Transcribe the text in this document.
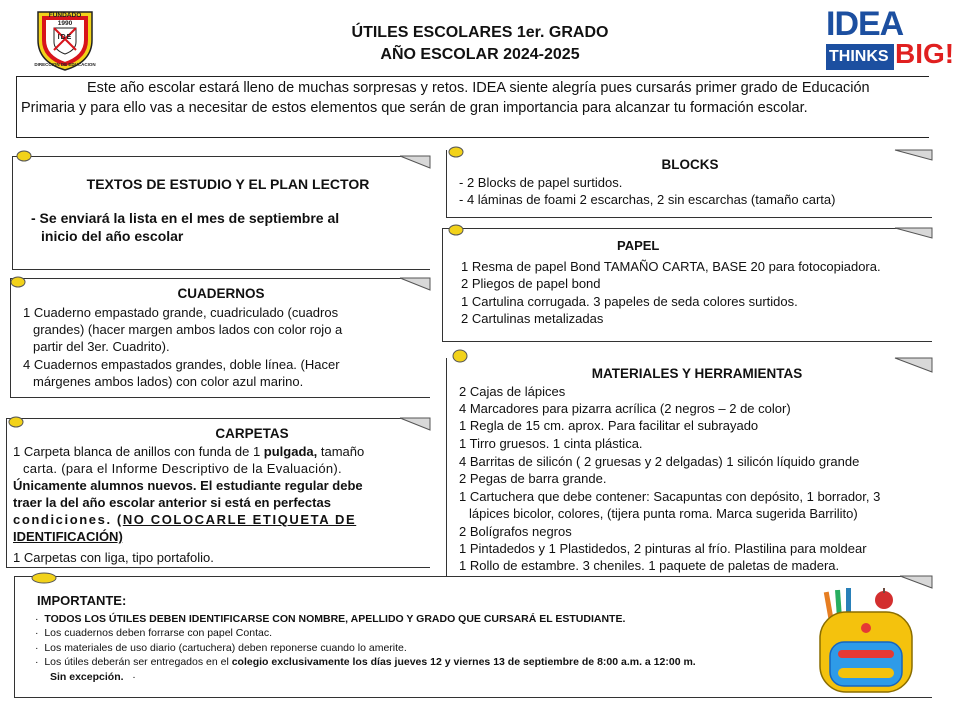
FUNDADO
1990
IDE
DIRECCION DE EDUCACION
ÚTILES ESCOLARES 1er. GRADO
AÑO ESCOLAR 2024-2025
IDEA
THINKS BIG!
Este año escolar estará lleno de muchas sorpresas y retos. IDEA siente alegría pues cursarás primer grado de Educación Primaria y para ello vas a necesitar de estos elementos que serán de gran importancia para alcanzar tu formación escolar.
TEXTOS DE ESTUDIO Y EL PLAN LECTOR
- Se enviará la lista en el mes de septiembre al
inicio del año escolar
CUADERNOS
1 Cuaderno empastado grande, cuadriculado (cuadros
grandes) (hacer margen ambos lados con color rojo a
partir del 3er. Cuadrito).
4 Cuadernos empastados grandes, doble línea. (Hacer
márgenes ambos lados) con color azul marino.
CARPETAS
1 Carpeta blanca de anillos con funda de 1 pulgada, tamaño
carta. (para el Informe Descriptivo de la Evaluación).
Únicamente alumnos nuevos. El estudiante regular debe
traer la del año escolar anterior si está en perfectas
condiciones. (NO COLOCARLE ETIQUETA DE
IDENTIFICACIÓN)
1 Carpetas con liga, tipo portafolio.
BLOCKS
- 2 Blocks de papel surtidos.
- 4 láminas de foami 2 escarchas, 2 sin escarchas (tamaño carta)
PAPEL
1 Resma de papel Bond TAMAÑO CARTA, BASE 20 para fotocopiadora.
2 Pliegos de papel bond
1 Cartulina corrugada. 3 papeles de seda colores surtidos.
2 Cartulinas metalizadas
MATERIALES Y HERRAMIENTAS
2 Cajas de lápices
4 Marcadores para pizarra acrílica (2 negros – 2 de color)
1 Regla de 15 cm. aprox. Para facilitar el subrayado
1 Tirro gruesos. 1 cinta plástica.
4 Barritas de silicón ( 2 gruesas y 2 delgadas) 1 silicón líquido grande
2 Pegas de barra grande.
1 Cartuchera que debe contener: Sacapuntas con depósito, 1 borrador, 3
lápices bicolor, colores, (tijera punta roma. Marca sugerida Barrilito)
2 Bolígrafos negros
1 Pintadedos y 1 Plastidedos, 2 pinturas al frío. Plastilina para moldear
1 Rollo de estambre. 3 cheniles. 1 paquete de paletas de madera.
IMPORTANTE:
·  TODOS LOS ÚTILES DEBEN IDENTIFICARSE CON NOMBRE, APELLIDO Y GRADO QUE CURSARÁ EL ESTUDIANTE.
·  Los cuadernos deben forrarse con papel Contac.
·  Los materiales de uso diario (cartuchera) deben reponerse cuando lo amerite.
·  Los útiles deberán ser entregados en el colegio exclusivamente los días jueves 12 y viernes 13 de septiembre de 8:00 a.m. a 12:00 m.
Sin excepción.   ·
